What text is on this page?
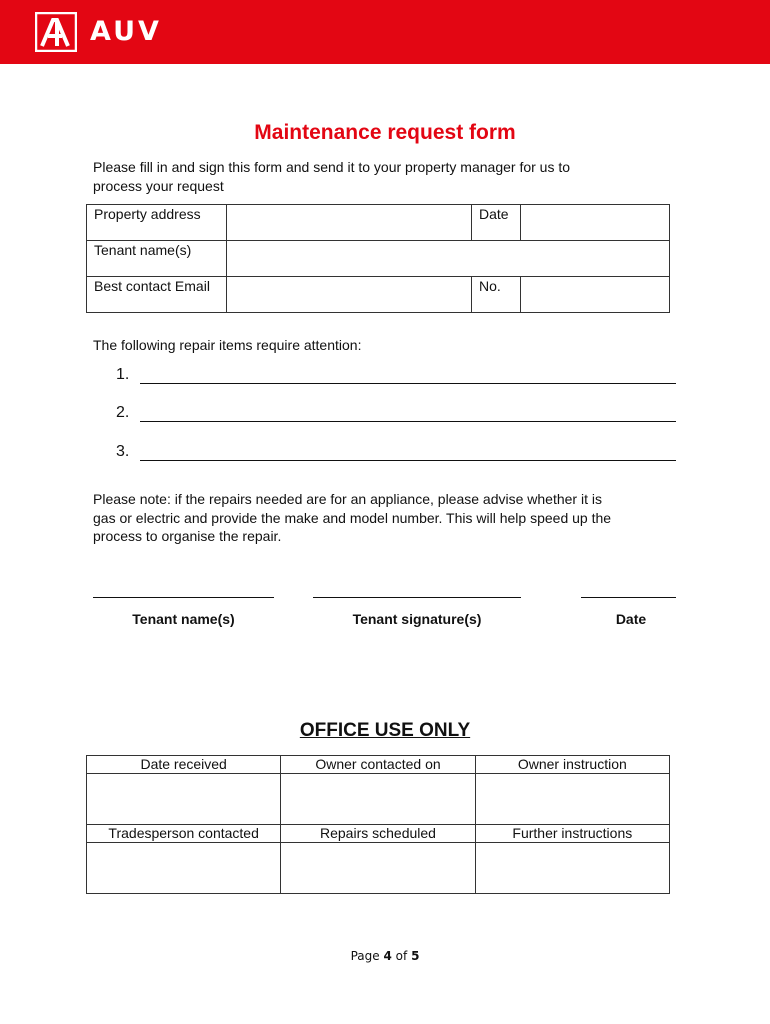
AUV
Maintenance request form
Please fill in and sign this form and send it to your property manager for us to
process your request
Property address		Date	
Tenant name(s)			
Best contact Email		No.	
The following repair items require attention:
1.
2.
3.
Please note: if the repairs needed are for an appliance, please advise whether it is
gas or electric and provide the make and model number. This will help speed up the
process to organise the repair.
Tenant name(s)	Tenant signature(s)	Date
OFFICE USE ONLY
Date received	Owner contacted on	Owner instruction

Tradesperson contacted	Repairs scheduled	Further instructions

Page 4 of 5
